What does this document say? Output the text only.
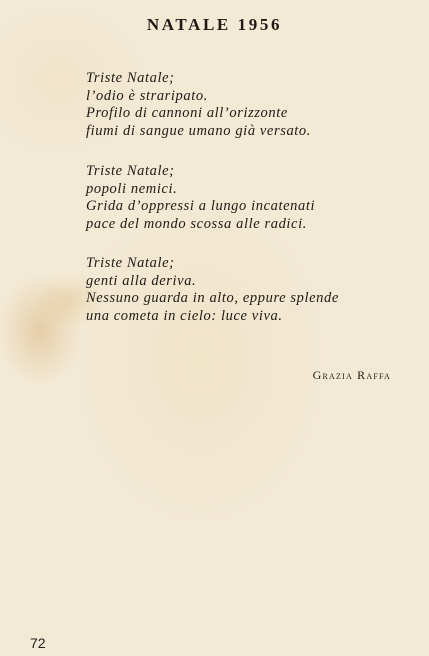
NATALE 1956
Triste Natale;
l’odio è straripato.
Profilo di cannoni all’orizzonte
fiumi di sangue umano già versato.
Triste Natale;
popoli nemici.
Grida d’oppressi a lungo incatenati
pace del mondo scossa alle radici.
Triste Natale;
genti alla deriva.
Nessuno guarda in alto, eppure splende
una cometa in cielo: luce viva.
Grazia Raffa
72
